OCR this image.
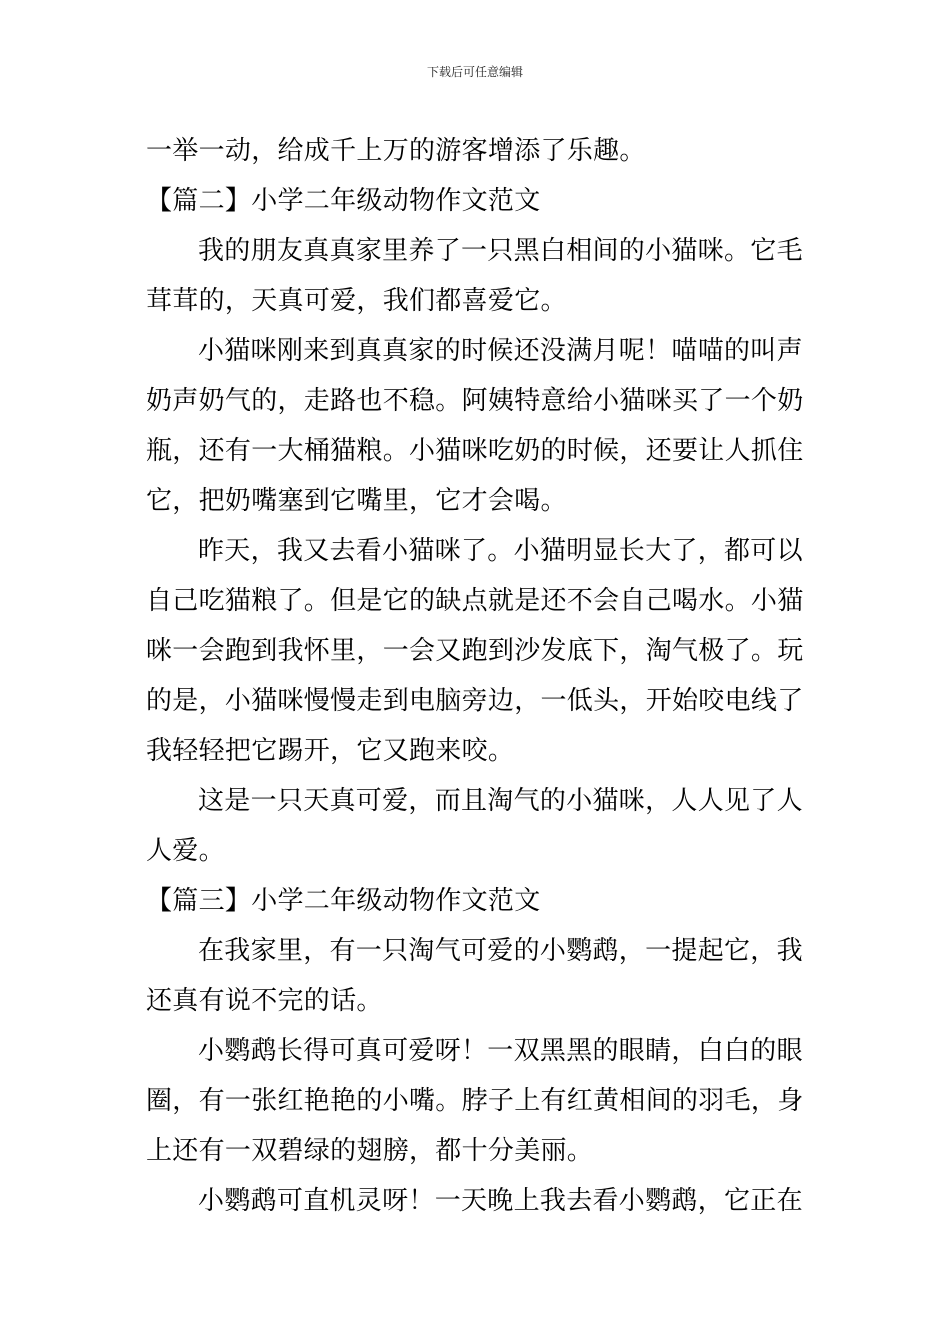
下载后可任意编辑
一举一动，给成千上万的游客增添了乐趣。
【篇二】小学二年级动物作文范文
我的朋友真真家里养了一只黑白相间的小猫咪。它毛
茸茸的，天真可爱，我们都喜爱它。
小猫咪刚来到真真家的时候还没满月呢！喵喵的叫声
奶声奶气的，走路也不稳。阿姨特意给小猫咪买了一个奶
瓶，还有一大桶猫粮。小猫咪吃奶的时候，还要让人抓住
它，把奶嘴塞到它嘴里，它才会喝。
昨天，我又去看小猫咪了。小猫明显长大了，都可以
自己吃猫粮了。但是它的缺点就是还不会自己喝水。小猫
咪一会跑到我怀里，一会又跑到沙发底下，淘气极了。玩
的是，小猫咪慢慢走到电脑旁边，一低头，开始咬电线了
我轻轻把它踢开，它又跑来咬。
这是一只天真可爱，而且淘气的小猫咪，人人见了人
人爱。
【篇三】小学二年级动物作文范文
在我家里，有一只淘气可爱的小鹦鹉，一提起它，我
还真有说不完的话。
小鹦鹉长得可真可爱呀！一双黑黑的眼睛，白白的眼
圈，有一张红艳艳的小嘴。脖子上有红黄相间的羽毛，身
上还有一双碧绿的翅膀，都十分美丽。
小鹦鹉可直机灵呀！一天晚上我去看小鹦鹉，它正在
